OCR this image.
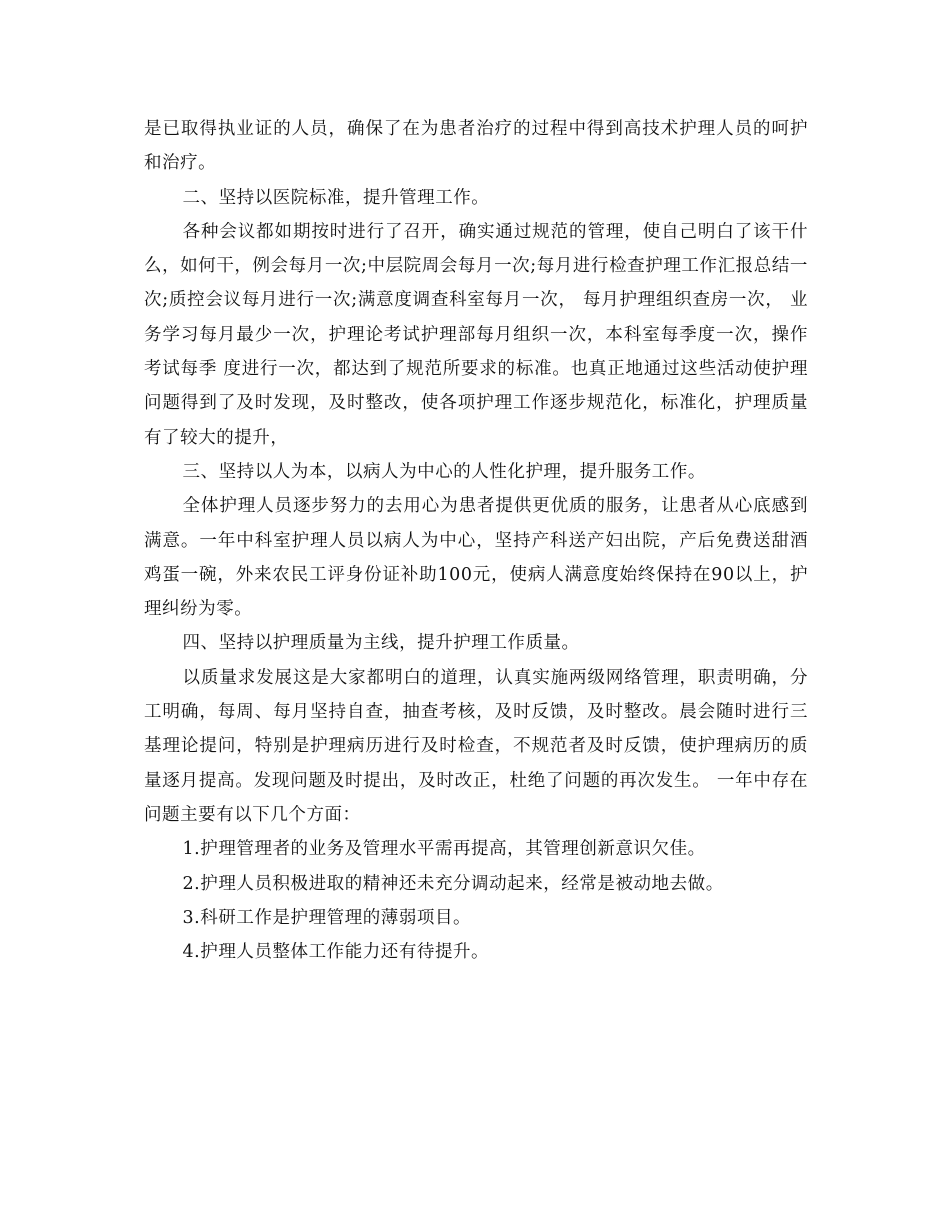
是已取得执业证的人员，确保了在为患者治疗的过程中得到高技术护理人员的呵护和治疗。

二、坚持以医院标准，提升管理工作。

各种会议都如期按时进行了召开，确实通过规范的管理，使自己明白了该干什么，如何干，例会每月一次;中层院周会每月一次;每月进行检查护理工作汇报总结一次;质控会议每月进行一次;满意度调查科室每月一次， 每月护理组织查房一次， 业务学习每月最少一次，护理论考试护理部每月组织一次，本科室每季度一次，操作考试每季 度进行一次，都达到了规范所要求的标准。也真正地通过这些活动使护理问题得到了及时发现，及时整改，使各项护理工作逐步规范化，标准化，护理质量有了较大的提升，

三、坚持以人为本，以病人为中心的人性化护理，提升服务工作。

全体护理人员逐步努力的去用心为患者提供更优质的服务，让患者从心底感到满意。一年中科室护理人员以病人为中心，坚持产科送产妇出院，产后免费送甜酒鸡蛋一碗，外来农民工评身份证补助100元，使病人满意度始终保持在90以上，护理纠纷为零。

四、坚持以护理质量为主线，提升护理工作质量。

以质量求发展这是大家都明白的道理，认真实施两级网络管理，职责明确，分工明确，每周、每月坚持自查，抽查考核，及时反馈，及时整改。晨会随时进行三基理论提问，特别是护理病历进行及时检查，不规范者及时反馈，使护理病历的质量逐月提高。发现问题及时提出，及时改正，杜绝了问题的再次发生。 一年中存在问题主要有以下几个方面：

1.护理管理者的业务及管理水平需再提高，其管理创新意识欠佳。

2.护理人员积极进取的精神还未充分调动起来，经常是被动地去做。

3.科研工作是护理管理的薄弱项目。

4.护理人员整体工作能力还有待提升。
